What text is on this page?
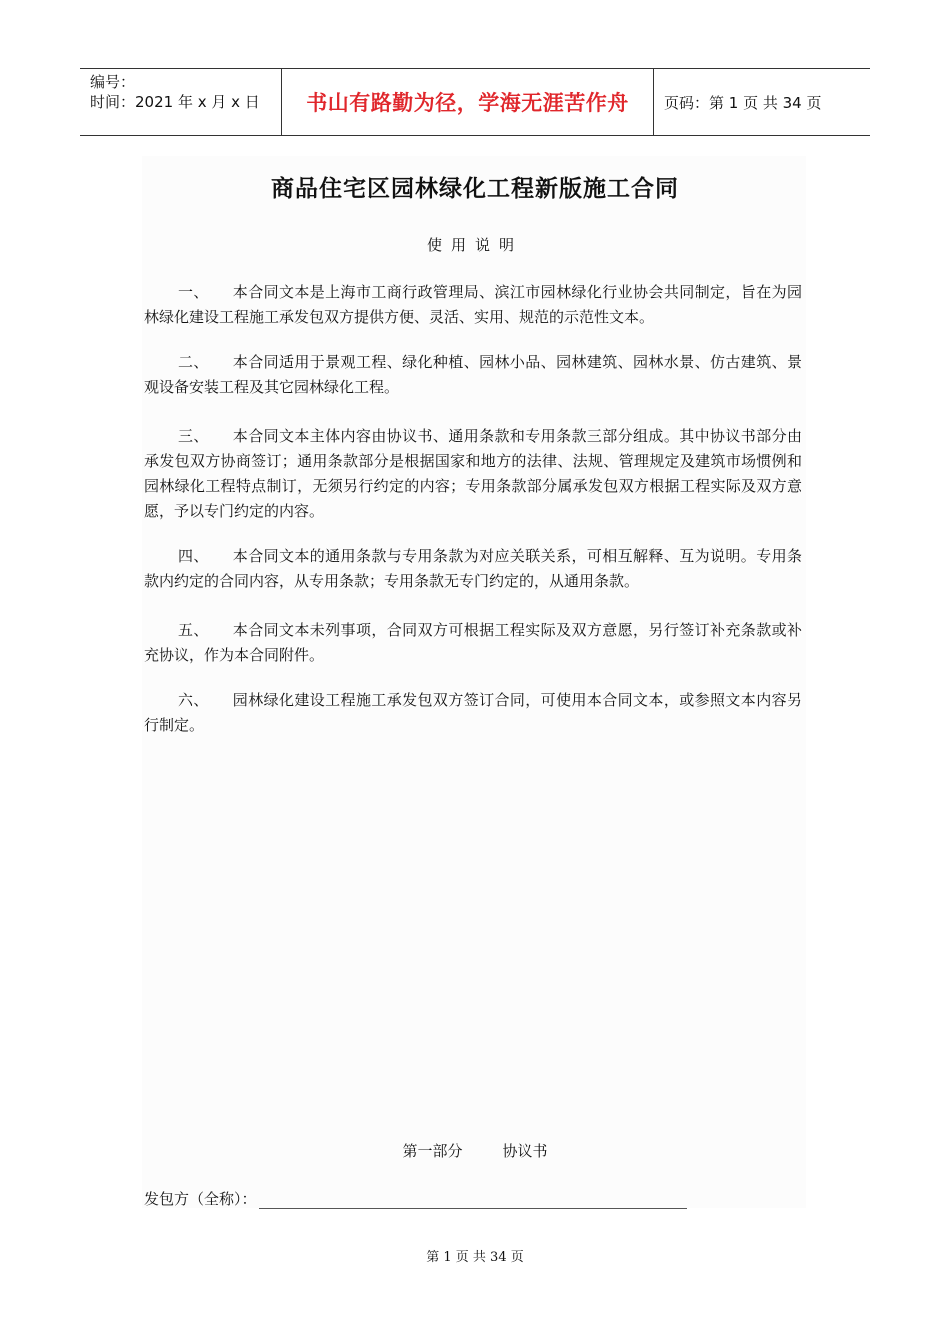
编号：
时间：2021 年 x 月 x 日 书山有路勤为径，学海无涯苦作舟	页码：第 1 页 共 34 页
商品住宅区园林绿化工程新版施工合同
使用说明
一、 本合同文本是上海市工商行政管理局、滨江市园林绿化行业协会共同制定，旨在为园林绿化建设工程施工承发包双方提供方便、灵活、实用、规范的示范性文本。
二、 本合同适用于景观工程、绿化种植、园林小品、园林建筑、园林水景、仿古建筑、景观设备安装工程及其它园林绿化工程。
三、 本合同文本主体内容由协议书、通用条款和专用条款三部分组成。其中协议书部分由承发包双方协商签订；通用条款部分是根据国家和地方的法律、法规、管理规定及建筑市场惯例和园林绿化工程特点制订，无须另行约定的内容；专用条款部分属承发包双方根据工程实际及双方意愿，予以专门约定的内容。
四、 本合同文本的通用条款与专用条款为对应关联关系，可相互解释、互为说明。专用条款内约定的合同内容，从专用条款；专用条款无专门约定的，从通用条款。
五、 本合同文本未列事项，合同双方可根据工程实际及双方意愿，另行签订补充条款或补充协议，作为本合同附件。
六、 园林绿化建设工程施工承发包双方签订合同，可使用本合同文本，或参照文本内容另行制定。
第一部分	协议书
发包方（全称）：
第 1 页 共 34 页
